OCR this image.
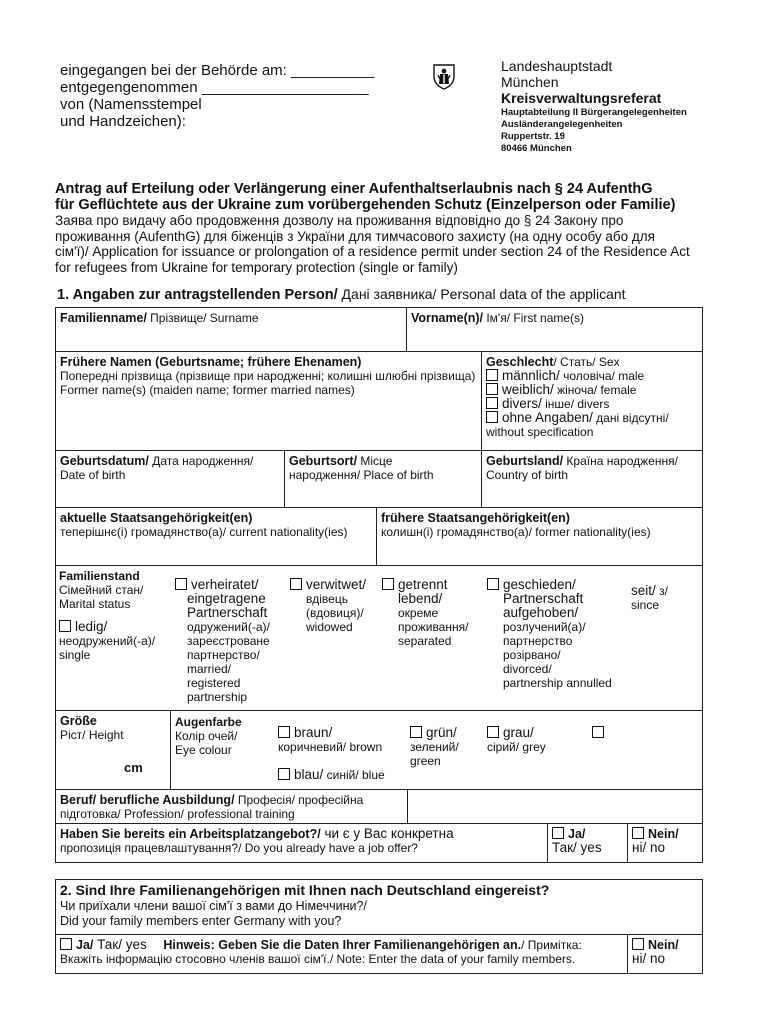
eingegangen bei der Behörde am: __________
entgegengenommen ____________________
von (Namensstempel
und Handzeichen):
Landeshauptstadt
München
Kreisverwaltungsreferat
Hauptabteilung II Bürgerangelegenheiten
Ausländerangelegenheiten
Ruppertstr. 19
80466 München
Antrag auf Erteilung oder Verlängerung einer Aufenthaltserlaubnis nach § 24 AufenthG
für Geflüchtete aus der Ukraine zum vorübergehenden Schutz (Einzelperson oder Familie)
Заява про видачу або продовження дозволу на проживання відповідно до § 24 Закону про
проживання (AufenthG) для біженців з України для тимчасового захисту (на одну особу або для
сім'ї)/ Application for issuance or prolongation of a residence permit under section 24 of the Residence Act
for refugees from Ukraine for temporary protection (single or family)
1. Angaben zur antragstellenden Person/ Дані заявника/ Personal data of the applicant
Familienname/ Прізвище/ Surname	Vorname(n)/ Ім'я/ First name(s)
Frühere Namen (Geburtsname; frühere Ehenamen)
Попередні прізвища (прізвище при народженні; колишні шлюбні прізвища)
Former name(s) (maiden name; former married names)
Geschlecht/ Стать/ Sex
männlich/ чоловіча/ male
weiblich/ жіноча/ female
divers/ інше/ divers
ohne Angaben/ дані відсутні/
without specification
Geburtsdatum/ Дата народження/
Date of birth
Geburtsort/ Місце
народження/ Place of birth
Geburtsland/ Країна народження/
Country of birth
aktuelle Staatsangehörigkeit(en)
теперішнє(і) громадянство(а)/ current nationality(ies)
frühere Staatsangehörigkeit(en)
колишн(і) громадянство(а)/ former nationality(ies)
Familienstand
Сімейний стан/
Marital status
ledig/
неодружений(-а)/
single
verheiratet/
eingetragene
Partnerschaft
одружений(-а)/
зареєстроване
партнерство/
married/
registered
partnership
verwitwet/
вдівець
(вдовиця)/
widowed
getrennt
lebend/
окреме
проживання/
separated
geschieden/
Partnerschaft
aufgehoben/
розлучений(а)/
партнерство
розірвано/
divorced/
partnership annulled
seit/ з/
since
Größe
Ріст/ Height
cm
Augenfarbe
Колір очей/
Eye colour
braun/
коричневий/ brown
grün/
зелений/
green
grau/
сірий/ grey
blau/ синій/ blue
Beruf/ berufliche Ausbildung/ Професія/ професійна
підготовка/ Profession/ professional training
Haben Sie bereits ein Arbeitsplatzangebot?/ чи є у Вас конкретна
пропозиція працевлаштування?/ Do you already have a job offer?
Ja/
Так/ yes
Nein/
ні/ no
2. Sind Ihre Familienangehörigen mit Ihnen nach Deutschland eingereist?
Чи приїхали члени вашої сім'ї з вами до Німеччини?/
Did your family members enter Germany with you?
Ja/ Так/ yes Hinweis: Geben Sie die Daten Ihrer Familienangehörigen an./ Примітка:
Вкажіть інформацію стосовно членів вашої сім'ї./ Note: Enter the data of your family members.
Nein/
ні/ no
